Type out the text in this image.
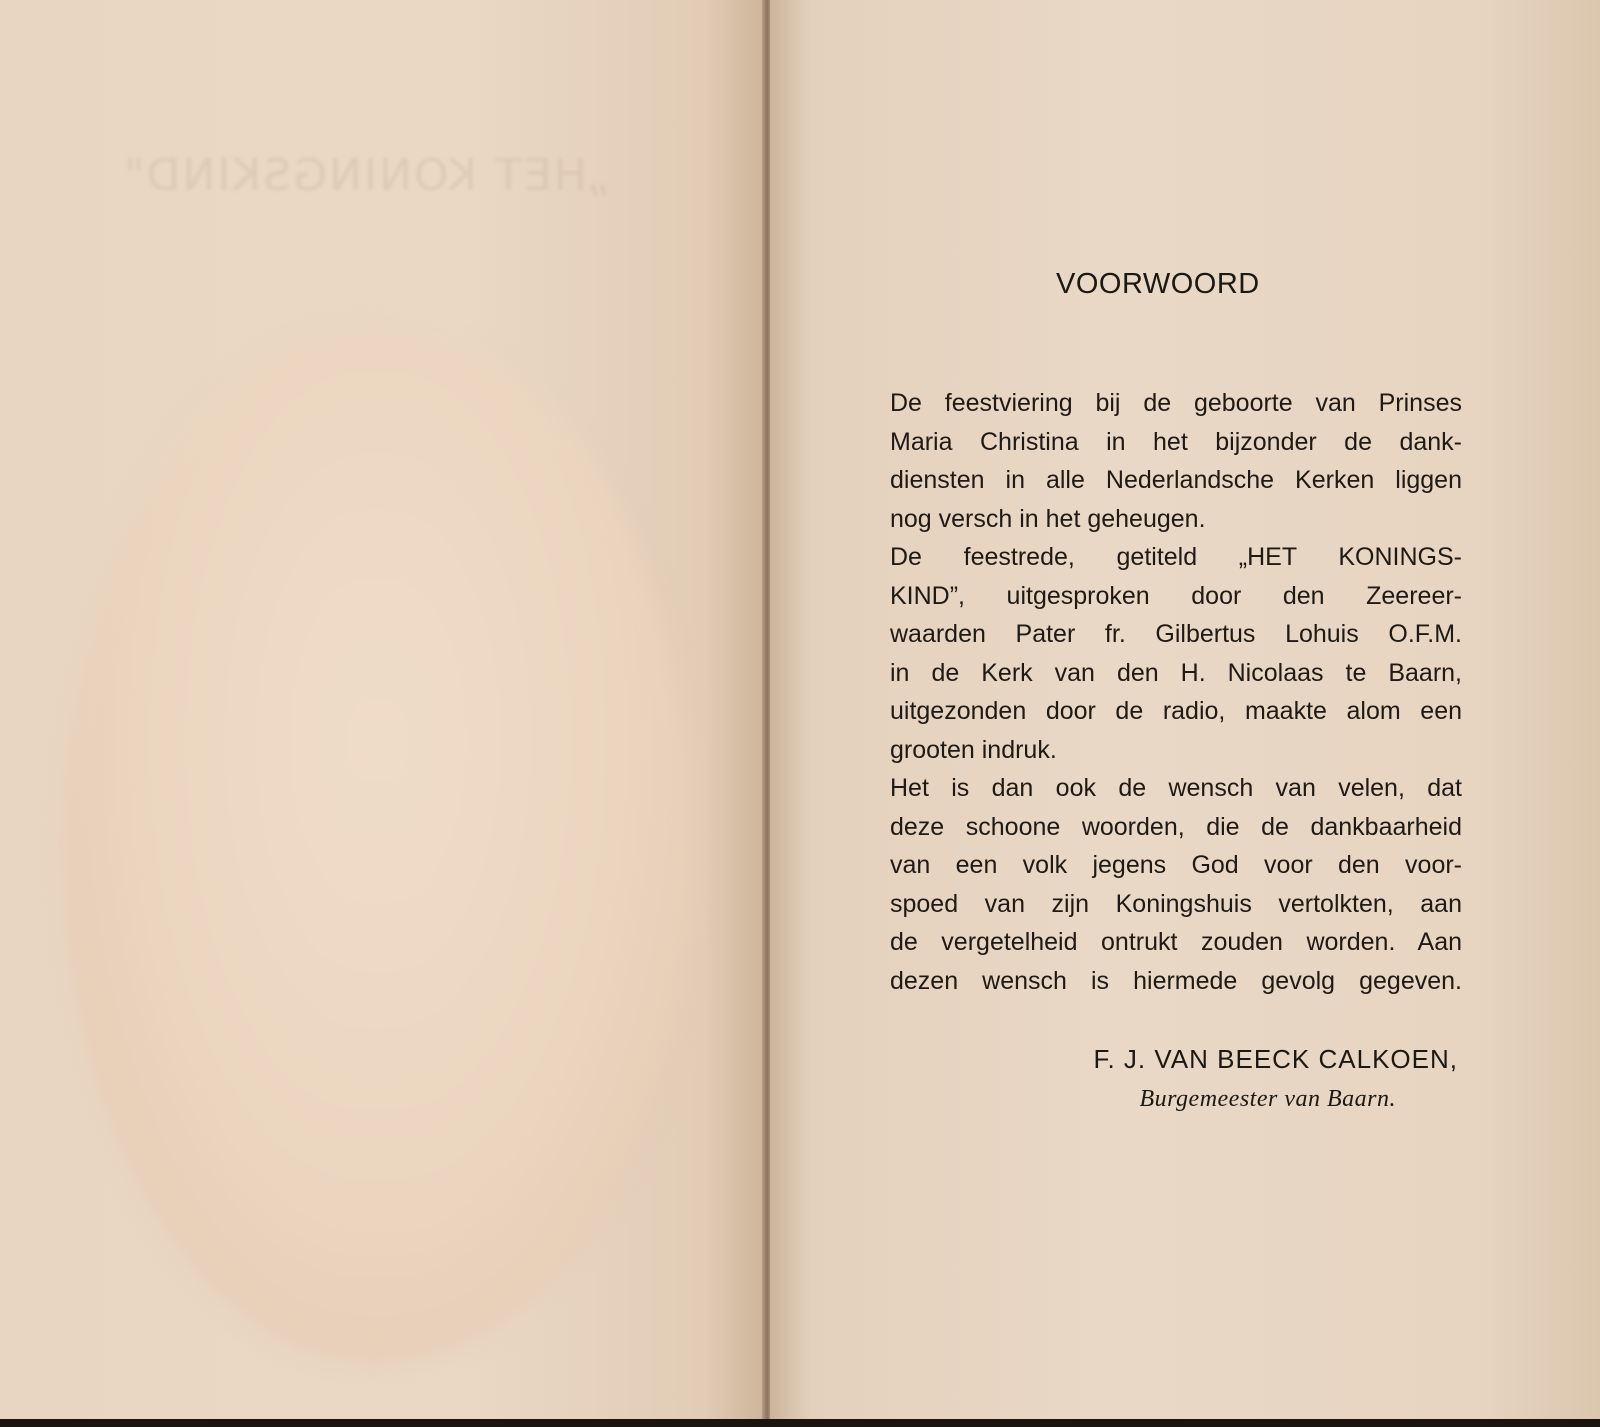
„HET KONINGSKIND"
VOORWOORD
De feestviering bij de geboorte van Prinses
Maria Christina in het bijzonder de dank-
diensten in alle Nederlandsche Kerken liggen
nog versch in het geheugen.
De feestrede, getiteld „HET KONINGS-
KIND”, uitgesproken door den Zeereer-
waarden Pater fr. Gilbertus Lohuis O.F.M.
in de Kerk van den H. Nicolaas te Baarn,
uitgezonden door de radio, maakte alom een
grooten indruk.
Het is dan ook de wensch van velen, dat
deze schoone woorden, die de dankbaarheid
van een volk jegens God voor den voor-
spoed van zijn Koningshuis vertolkten, aan
de vergetelheid ontrukt zouden worden. Aan
dezen wensch is hiermede gevolg gegeven.
F. J. VAN BEECK CALKOEN,
Burgemeester van Baarn.
